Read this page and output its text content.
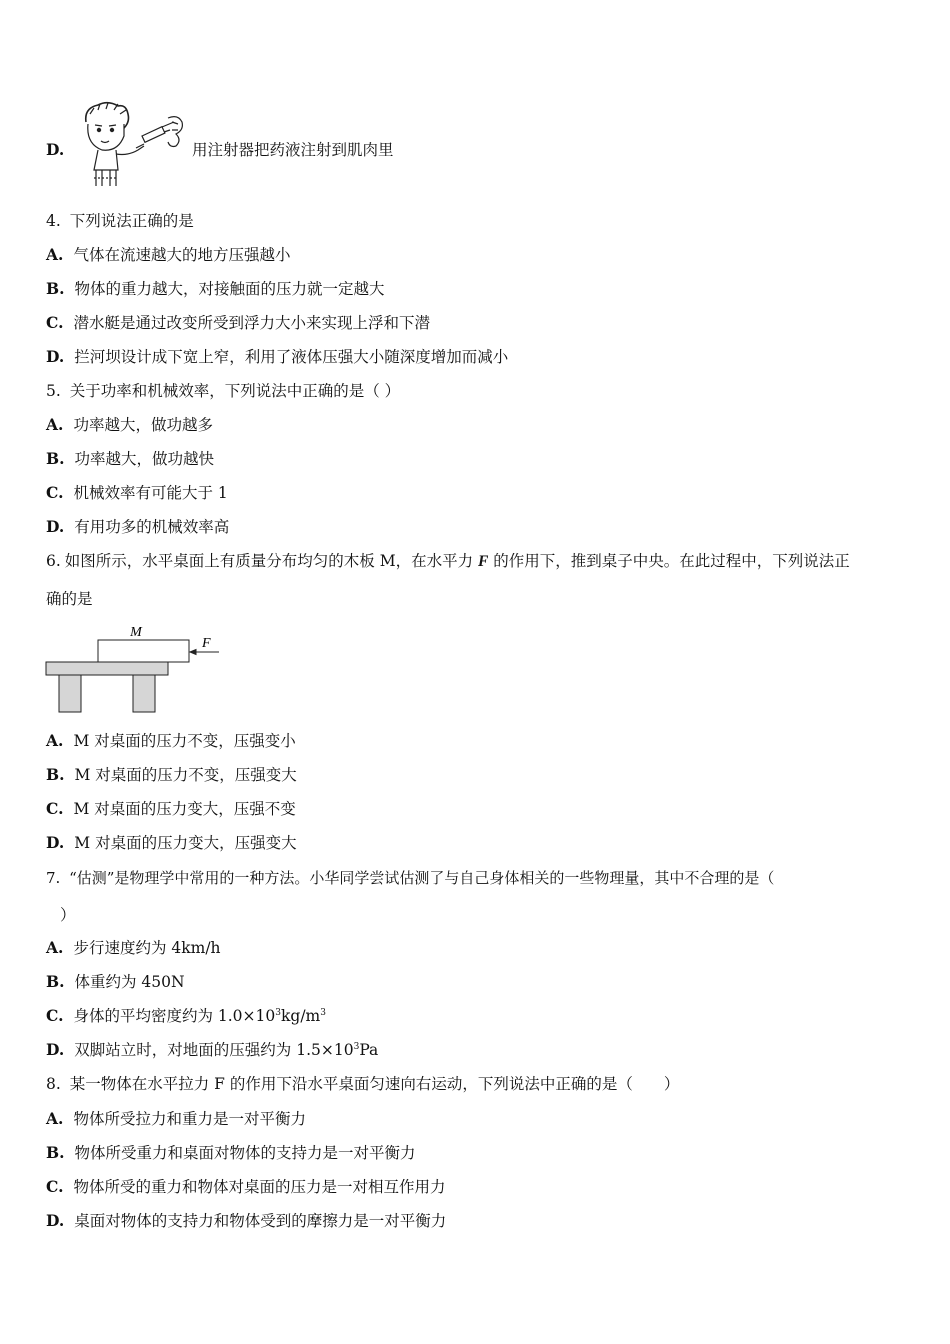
D.	用注射器把药液注射到肌肉里
4. 下列说法正确的是
A. 气体在流速越大的地方压强越小
B. 物体的重力越大，对接触面的压力就一定越大
C. 潜水艇是通过改变所受到浮力大小来实现上浮和下潜
D. 拦河坝设计成下宽上窄，利用了液体压强大小随深度增加而减小
5. 关于功率和机械效率，下列说法中正确的是（ ）
A. 功率越大，做功越多
B. 功率越大，做功越快
C. 机械效率有可能大于 1
D. 有用功多的机械效率高
6. 如图所示，水平桌面上有质量分布均匀的木板 M，在水平力 F 的作用下，推到桌子中央。在此过程中，下列说法正
确的是
M
F
A. M 对桌面的压力不变，压强变小
B. M 对桌面的压力不变，压强变大
C. M 对桌面的压力变大，压强不变
D. M 对桌面的压力变大，压强变大
7. “估测”是物理学中常用的一种方法。小华同学尝试估测了与自己身体相关的一些物理量，其中不合理的是（
）
A. 步行速度约为 4km/h
B. 体重约为 450N
C. 身体的平均密度约为 $1.0\times 10^3kg/m^3$
D. 双脚站立时，对地面的压强约为 $1.5\times 10^3Pa$
8. 某一物体在水平拉力 F 的作用下沿水平桌面匀速向右运动，下列说法中正确的是（　　）
A. 物体所受拉力和重力是一对平衡力
B. 物体所受重力和桌面对物体的支持力是一对平衡力
C. 物体所受的重力和物体对桌面的压力是一对相互作用力
D. 桌面对物体的支持力和物体受到的摩擦力是一对平衡力
